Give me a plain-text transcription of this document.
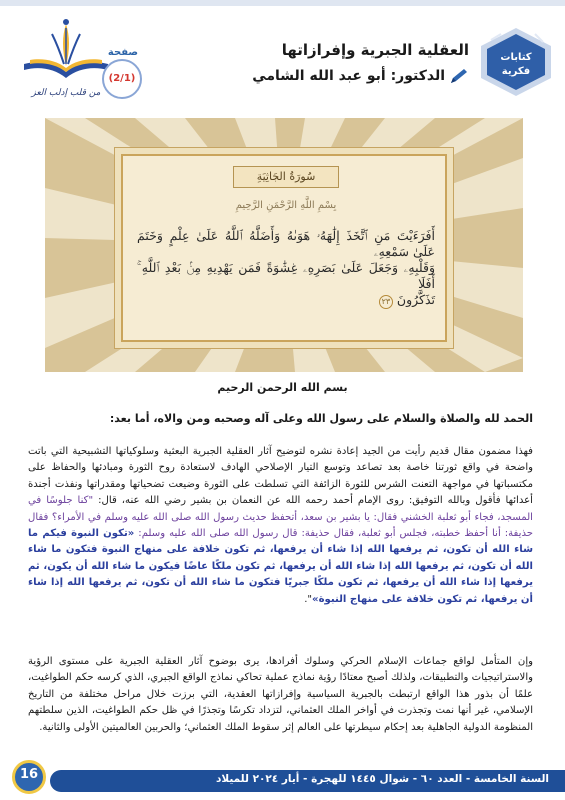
من قلب إدلب العز
صفحة
(2/1)
العقلية الجبرية وإفرازاتها
الدكتور: أبو عبد الله الشامي
كتابات
فكرية
سُورَةُ الجَاثِيَةِ
بِسْمِ اللَّهِ الرَّحْمَنِ الرَّحِيمِ
أَفَرَءَيْتَ مَنِ ٱتَّخَذَ إِلَٰهَهُۥ هَوَىٰهُ وَأَضَلَّهُ ٱللَّهُ عَلَىٰ عِلْمٍ وَخَتَمَ عَلَىٰ سَمْعِهِۦ
وَقَلْبِهِۦ وَجَعَلَ عَلَىٰ بَصَرِهِۦ غِشَٰوَةً فَمَن يَهْدِيهِ مِنۢ بَعْدِ ٱللَّهِ ۚ أَفَلَا
تَذَكَّرُونَ ٢٣
بسم الله الرحمن الرحيم
الحمد لله والصلاة والسلام على رسول الله وعلى آله وصحبه ومن والاه، أما بعد:

فهذا مضمون مقال قديم رأيت من الجيد إعادة نشره لتوضيح آثار العقلية الجبرية البعثية وسلوكياتها التشبيحية التي باتت واضحة في واقع ثورتنا خاصة بعد تصاعد وتوسع التيار الإصلاحي الهادف لاستعادة روح الثورة ومبادئها والحفاظ على مكتسباتها في مواجهة التعنت الشرس للثورة الزائفة التي تسلطت على الثورة وضيعت تضحياتها ومقدراتها ونفذت أجندة أعدائها فأقول وبالله التوفيق: روى الإمام أحمد رحمه الله عن النعمان بن بشير رضي الله عنه، قال: "كنا جلوسًا في المسجد، فجاء أبو ثعلبة الخشني فقال: يا بشير بن سعد، أتحفظ حديث رسول الله صلى الله عليه وسلم في الأمراء؟ فقال حذيفة: أنا أحفظ خطبته، فجلس أبو ثعلبة، فقال حذيفة: قال رسول الله صلى الله عليه وسلم: «تكون النبوة فيكم ما شاء الله أن تكون، ثم يرفعها الله إذا شاء أن يرفعها، ثم تكون خلافة على منهاج النبوة فتكون ما شاء الله أن تكون، ثم يرفعها الله إذا شاء الله أن يرفعها، ثم تكون ملكًا عاضًا فيكون ما شاء الله أن يكون، ثم يرفعها إذا شاء الله أن يرفعها، ثم تكون ملكًا جبريًا فتكون ما شاء الله أن تكون، ثم يرفعها الله إذا شاء أن يرفعها، ثم تكون خلافة على منهاج النبوة»".

وإن المتأمل لواقع جماعات الإسلام الحركي وسلوك أفرادها، يرى بوضوح آثار العقلية الجبرية على مستوى الرؤية والاستراتيجيات والتطبيقات، ولذلك أصبح معتادًا رؤية نماذج عملية تحاكي نماذج الواقع الجبري، الذي كرسه حكم الطواغيت، علمًا أن بذور هذا الواقع ارتبطت بالجبرية السياسية وإفرازاتها العقدية، التي برزت خلال مراحل مختلفة من التاريخ الإسلامي، غير أنها نمت وتجذرت في أواخر الملك العثماني، لتزداد تكرسًا وتجذرًا في ظل حكم الطواغيت، الذين سلطتهم المنظومة الدولية الجاهلية بعد إحكام سيطرتها على العالم إثر سقوط الملك العثماني؛ والحربين العالميتين الأولى والثانية.

السنة الخامسة - العدد ٦٠ - شوال ١٤٤٥ للهجرة - أيار ٢٠٢٤ للميلاد
16
